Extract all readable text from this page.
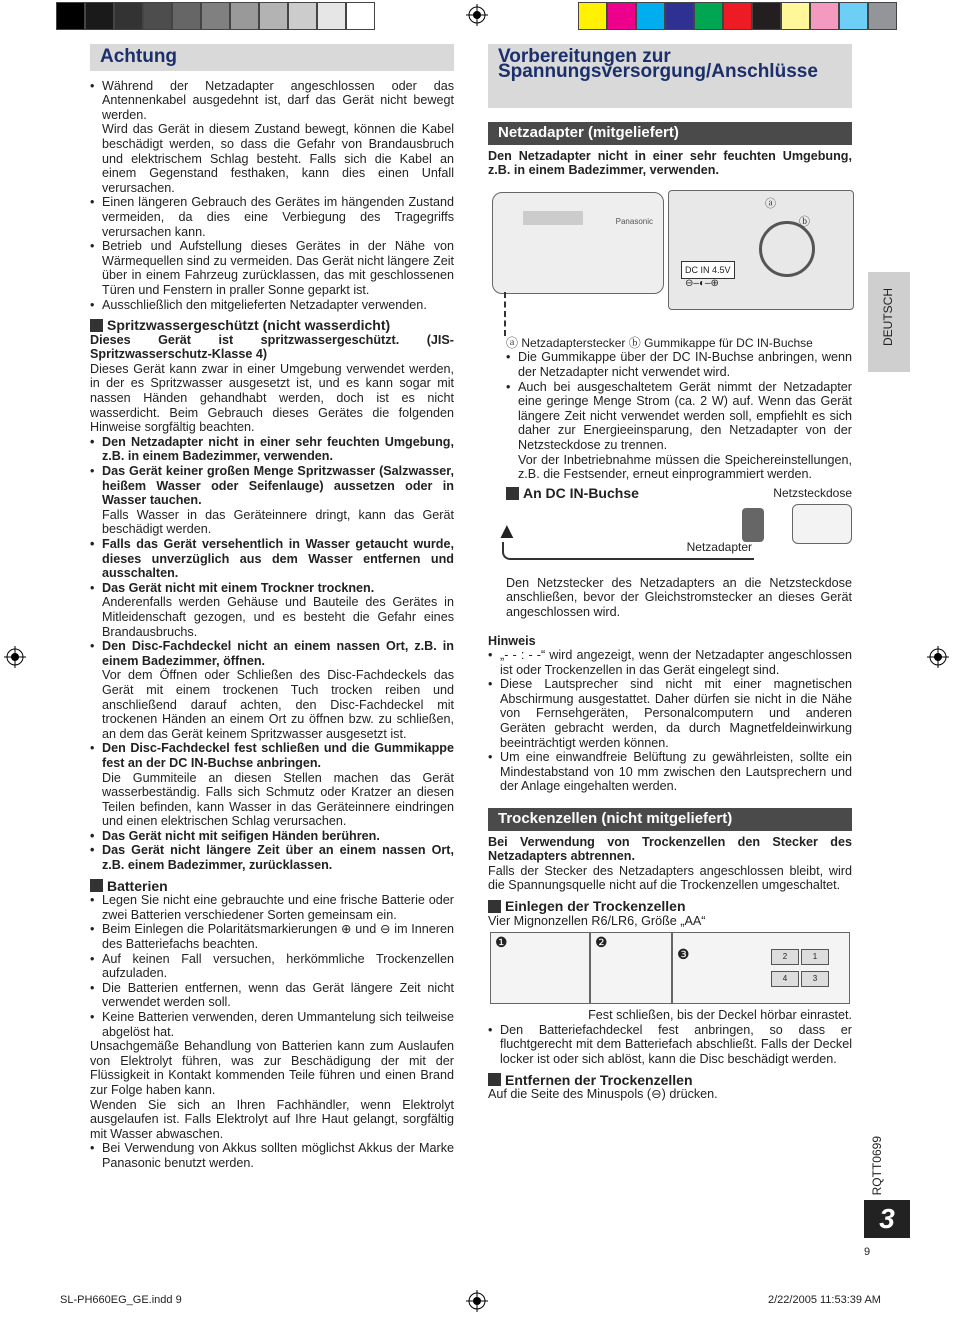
Achtung
• Während der Netzadapter angeschlossen oder das Antennenkabel ausgedehnt ist, darf das Gerät nicht bewegt werden.
Wird das Gerät in diesem Zustand bewegt, können die Kabel beschädigt werden, so dass die Gefahr von Brandausbruch und elektrischem Schlag besteht. Falls sich die Kabel an einem Gegenstand festhaken, kann dies einen Unfall verursachen.
• Einen längeren Gebrauch des Gerätes im hängenden Zustand vermeiden, da dies eine Verbiegung des Tragegriffs verursachen kann.
• Betrieb und Aufstellung dieses Gerätes in der Nähe von Wärmequellen sind zu vermeiden. Das Gerät nicht längere Zeit über in einem Fahrzeug zurücklassen, das mit geschlossenen Türen und Fenstern in praller Sonne geparkt ist.
• Ausschließlich den mitgelieferten Netzadapter verwenden.
Spritzwassergeschützt (nicht wasserdicht)

Dieses Gerät ist spritzwassergeschützt. (JIS-Spritzwasserschutz-Klasse 4)

Dieses Gerät kann zwar in einer Umgebung verwendet werden, in der es Spritzwasser ausgesetzt ist, und es kann sogar mit nassen Händen gehandhabt werden, doch ist es nicht wasserdicht. Beim Gebrauch dieses Gerätes die folgenden Hinweise sorgfältig beachten.

• Den Netzadapter nicht in einer sehr feuchten Umgebung, z.B. in einem Badezimmer, verwenden.
• Das Gerät keiner großen Menge Spritzwasser (Salzwasser, heißem Wasser oder Seifenlauge) aussetzen oder in Wasser tauchen.
Falls Wasser in das Geräteinnere dringt, kann das Gerät beschädigt werden.
• Falls das Gerät versehentlich in Wasser getaucht wurde, dieses unverzüglich aus dem Wasser entfernen und ausschalten.
• Das Gerät nicht mit einem Trockner trocknen.
Anderenfalls werden Gehäuse und Bauteile des Gerätes in Mitleidenschaft gezogen, und es besteht die Gefahr eines Brandausbruchs.
• Den Disc-Fachdeckel nicht an einem nassen Ort, z.B. in einem Badezimmer, öffnen.
Vor dem Öffnen oder Schließen des Disc-Fachdeckels das Gerät mit einem trockenen Tuch trocken reiben und anschließend darauf achten, den Disc-Fachdeckel mit trockenen Händen an einem Ort zu öffnen bzw. zu schließen, an dem das Gerät keinem Spritzwasser ausgesetzt ist.
• Den Disc-Fachdeckel fest schließen und die Gummikappe fest an der DC IN-Buchse anbringen.
Die Gummiteile an diesen Stellen machen das Gerät wasserbeständig. Falls sich Schmutz oder Kratzer an diesen Teilen befinden, kann Wasser in das Geräteinnere eindringen und einen elektrischen Schlag verursachen.
• Das Gerät nicht mit seifigen Händen berühren.
• Das Gerät nicht längere Zeit über an einem nassen Ort, z.B. einem Badezimmer, zurücklassen.
Batterien
• Legen Sie nicht eine gebrauchte und eine frische Batterie oder zwei Batterien verschiedener Sorten gemeinsam ein.
• Beim Einlegen die Polaritätsmarkierungen ⊕ und ⊖ im Inneren des Batteriefachs beachten.
• Auf keinen Fall versuchen, herkömmliche Trockenzellen aufzuladen.
• Die Batterien entfernen, wenn das Gerät längere Zeit nicht verwendet werden soll.
• Keine Batterien verwenden, deren Ummantelung sich teilweise abgelöst hat.

Unsachgemäße Behandlung von Batterien kann zum Auslaufen von Elektrolyt führen, was zur Beschädigung der mit der Flüssigkeit in Kontakt kommenden Teile führen und einen Brand zur Folge haben kann.

Wenden Sie sich an Ihren Fachhändler, wenn Elektrolyt ausgelaufen ist. Falls Elektrolyt auf Ihre Haut gelangt, sorgfältig mit Wasser abwaschen.

• Bei Verwendung von Akkus sollten möglichst Akkus der Marke Panasonic benutzt werden.
Vorbereitungen zur Spannungsversorgung/Anschlüsse
Netzadapter (mitgeliefert)

Den Netzadapter nicht in einer sehr feuchten Umgebung, z.B. in einem Badezimmer, verwenden.

Panasonic
DC IN 4.5V
⊖–◐–⊕
ⓐ
ⓑ
ⓐ Netzadapterstecker ⓑ Gummikappe für DC IN-Buchse
• Die Gummikappe über der DC IN-Buchse anbringen, wenn der Netzadapter nicht verwendet wird.
• Auch bei ausgeschaltetem Gerät nimmt der Netzadapter eine geringe Menge Strom (ca. 2 W) auf. Wenn das Gerät längere Zeit nicht verwendet werden soll, empfiehlt es sich daher zur Energieeinsparung, den Netzadapter von der Netzsteckdose zu trennen.
Vor der Inbetriebnahme müssen die Speichereinstellungen, z.B. die Festsender, erneut einprogrammiert werden.
An DC IN-Buchse	Netzsteckdose
Netzadapter
▲

Den Netzstecker des Netzadapters an die Netzsteckdose anschließen, bevor der Gleichstromstecker an dieses Gerät angeschlossen wird.

Hinweis

• „- - : - -“ wird angezeigt, wenn der Netzadapter angeschlossen ist oder Trockenzellen in das Gerät eingelegt sind.
• Diese Lautsprecher sind nicht mit einer magnetischen Abschirmung ausgestattet. Daher dürfen sie nicht in die Nähe von Fernsehgeräten, Personalcomputern und anderen Geräten gebracht werden, da durch Magnetfeldeinwirkung beeinträchtigt werden können.
• Um eine einwandfreie Belüftung zu gewährleisten, sollte ein Mindestabstand von 10 mm zwischen den Lautsprechern und der Anlage eingehalten werden.
Trockenzellen (nicht mitgeliefert)

Bei Verwendung von Trockenzellen den Stecker des Netzadapters abtrennen.

Falls der Stecker des Netzadapters angeschlossen bleibt, wird die Spannungsquelle nicht auf die Trockenzellen umgeschaltet.

Einlegen der Trockenzellen

Vier Mignonzellen R6/LR6, Größe „AA“

❶	❷
❸	2	1
4	3

Fest schließen, bis der Deckel hörbar einrastet.

• Den Batteriefachdeckel fest anbringen, so dass er fluchtgerecht mit dem Batteriefach abschließt. Falls der Deckel locker ist oder sich ablöst, kann die Disc beschädigt werden.
Entfernen der Trockenzellen

Auf die Seite des Minuspols (⊖) drücken.

DEUTSCH
RQTT0699
3
9
SL-PH660EG_GE.indd 9	2/22/2005 11:53:39 AM
